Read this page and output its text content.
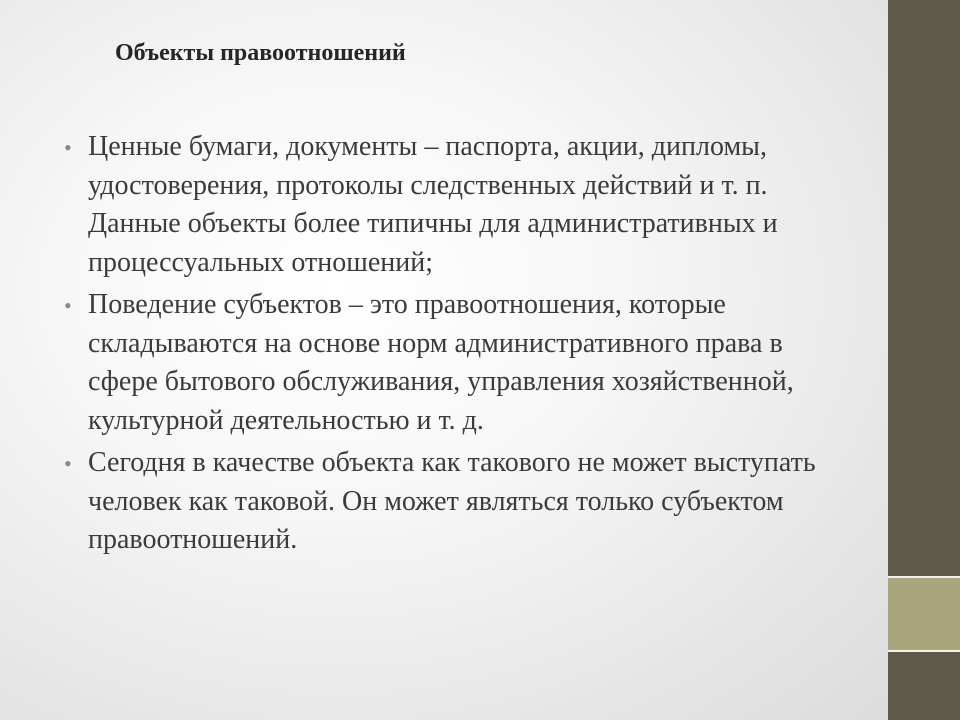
Объекты правоотношений
• Ценные бумаги, документы – паспорта, акции, дипломы, удостоверения, протоколы следственных действий и т. п. Данные объекты более типичны для административных и процессуальных отношений;
• Поведение субъектов – это правоотношения, которые складываются на основе норм административного права в сфере бытового обслуживания, управления хозяйственной, культурной деятельностью и т. д.
• Сегодня в качестве объекта как такового не может выступать человек как таковой. Он может являться только субъектом правоотношений.
